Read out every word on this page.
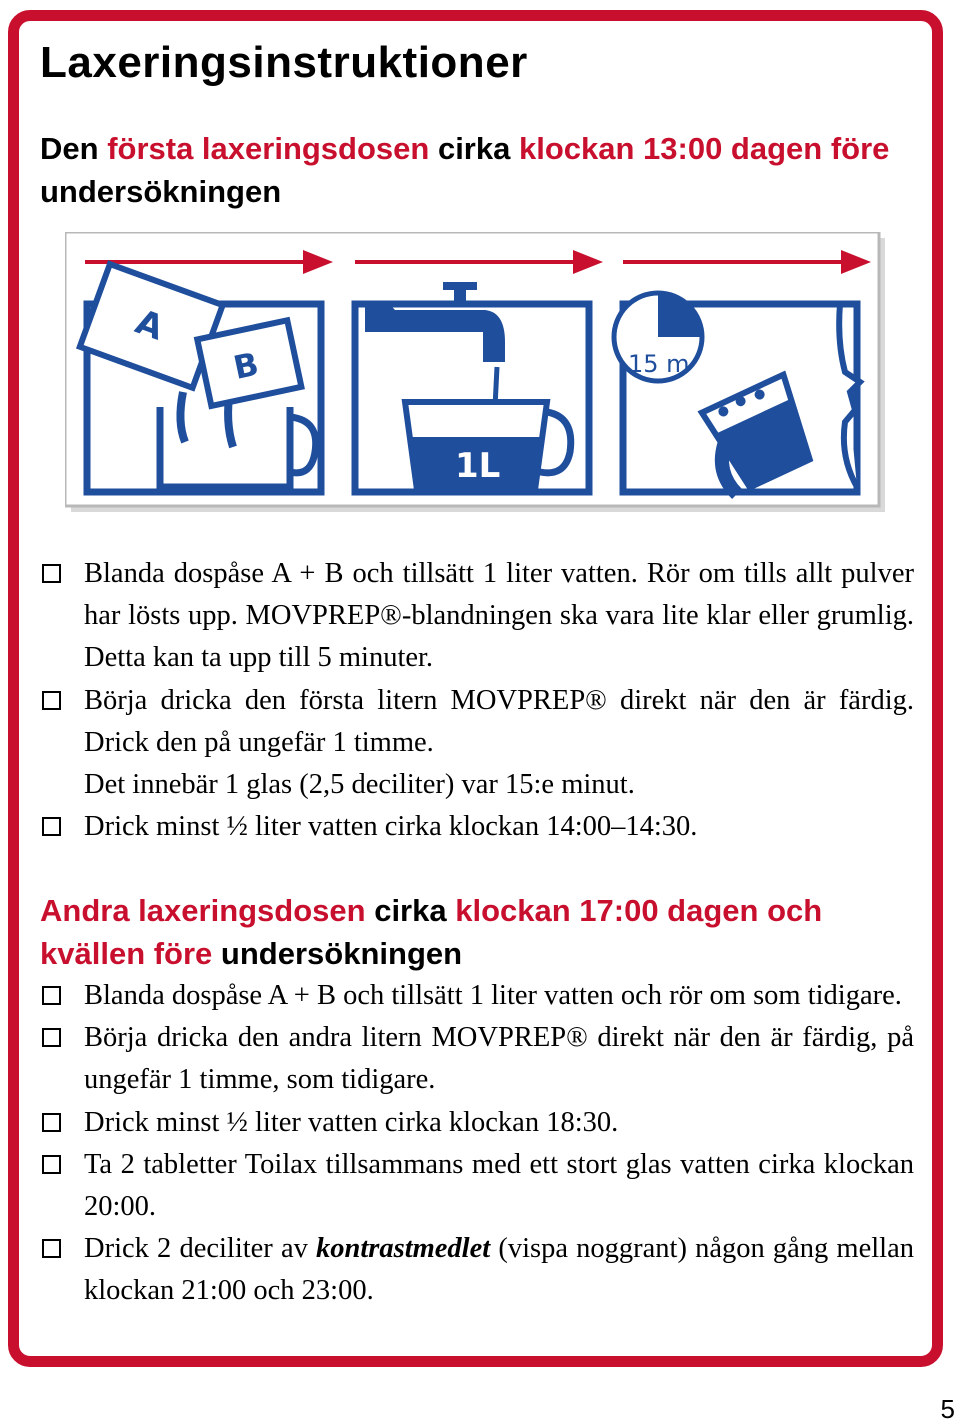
Laxeringsinstruktioner
Den första laxeringsdosen cirka klockan 13:00 dagen före undersökningen
A
B
1L
15 m
Blanda dospåse A + B och tillsätt 1 liter vatten. Rör om tills allt pulver har lösts upp. MOVPREP®-blandningen ska vara lite klar eller grumlig. Detta kan ta upp till 5 minuter.
Börja dricka den första litern MOVPREP® direkt när den är färdig. Drick den på ungefär 1 timme.
Det innebär 1 glas (2,5 deciliter) var 15:e minut.
Drick minst ½ liter vatten cirka klockan 14:00–14:30.
Andra laxeringsdosen cirka klockan 17:00 dagen och kvällen före undersökningen
Blanda dospåse A + B och tillsätt 1 liter vatten och rör om som tidigare.
Börja dricka den andra litern MOVPREP® direkt när den är färdig, på ungefär 1 timme, som tidigare.
Drick minst ½ liter vatten cirka klockan 18:30.
Ta 2 tabletter Toilax tillsammans med ett stort glas vatten cirka klockan 20:00.
Drick 2 deciliter av kontrastmedlet (vispa noggrant) någon gång mellan klockan 21:00 och 23:00.
5
